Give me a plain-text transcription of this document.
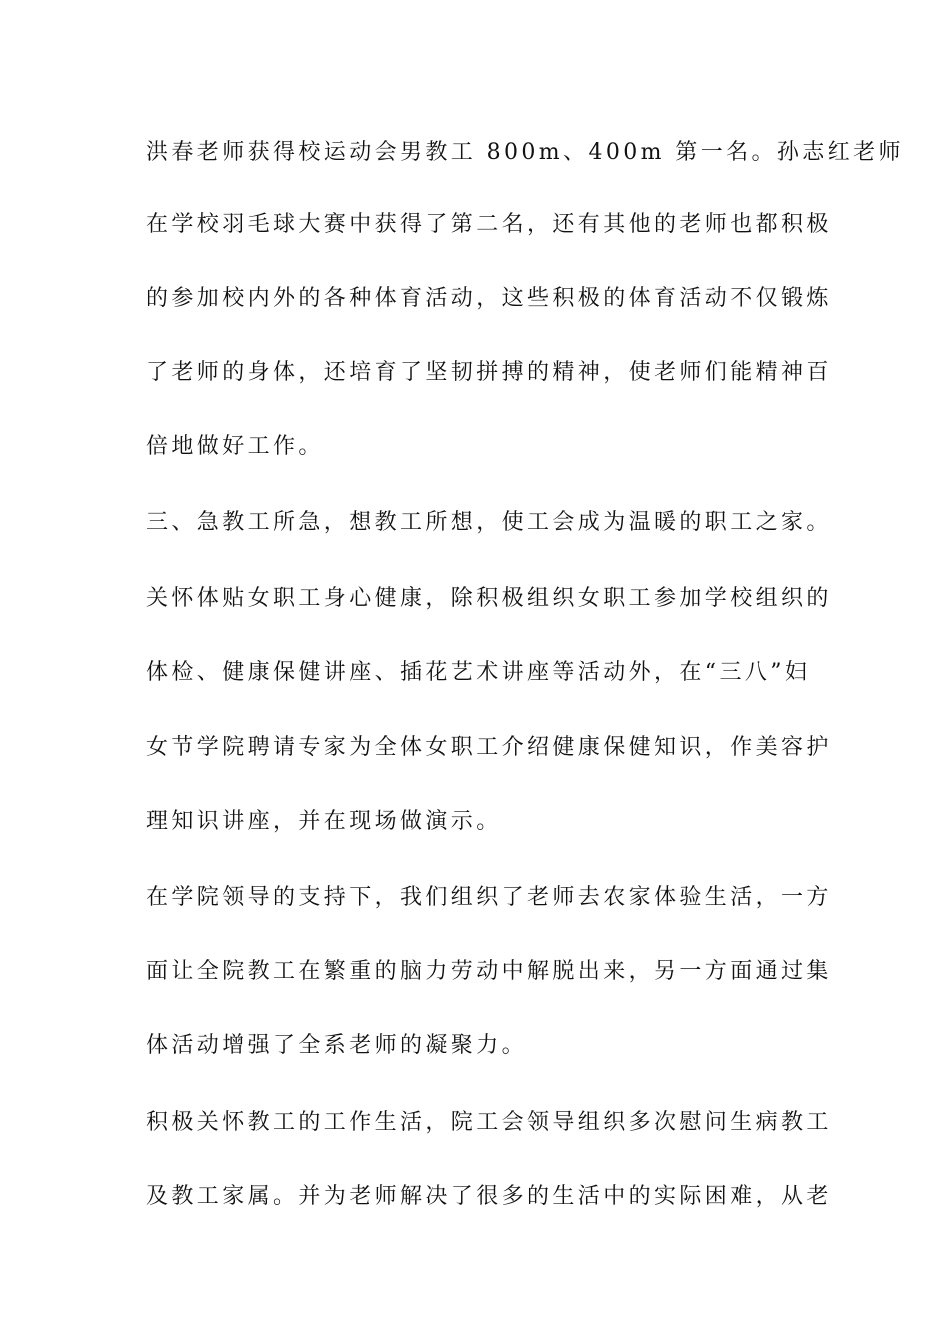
洪春老师获得校运动会男教工 800m、400m 第一名。孙志红老师
在学校羽毛球大赛中获得了第二名，还有其他的老师也都积极
的参加校内外的各种体育活动，这些积极的体育活动不仅锻炼
了老师的身体，还培育了坚韧拼搏的精神，使老师们能精神百
倍地做好工作。
三、急教工所急，想教工所想，使工会成为温暖的职工之家。
关怀体贴女职工身心健康，除积极组织女职工参加学校组织的
体检、健康保健讲座、插花艺术讲座等活动外，在“三八”妇
女节学院聘请专家为全体女职工介绍健康保健知识，作美容护
理知识讲座，并在现场做演示。
在学院领导的支持下，我们组织了老师去农家体验生活，一方
面让全院教工在繁重的脑力劳动中解脱出来，另一方面通过集
体活动增强了全系老师的凝聚力。
积极关怀教工的工作生活，院工会领导组织多次慰问生病教工
及教工家属。并为老师解决了很多的生活中的实际困难，从老
